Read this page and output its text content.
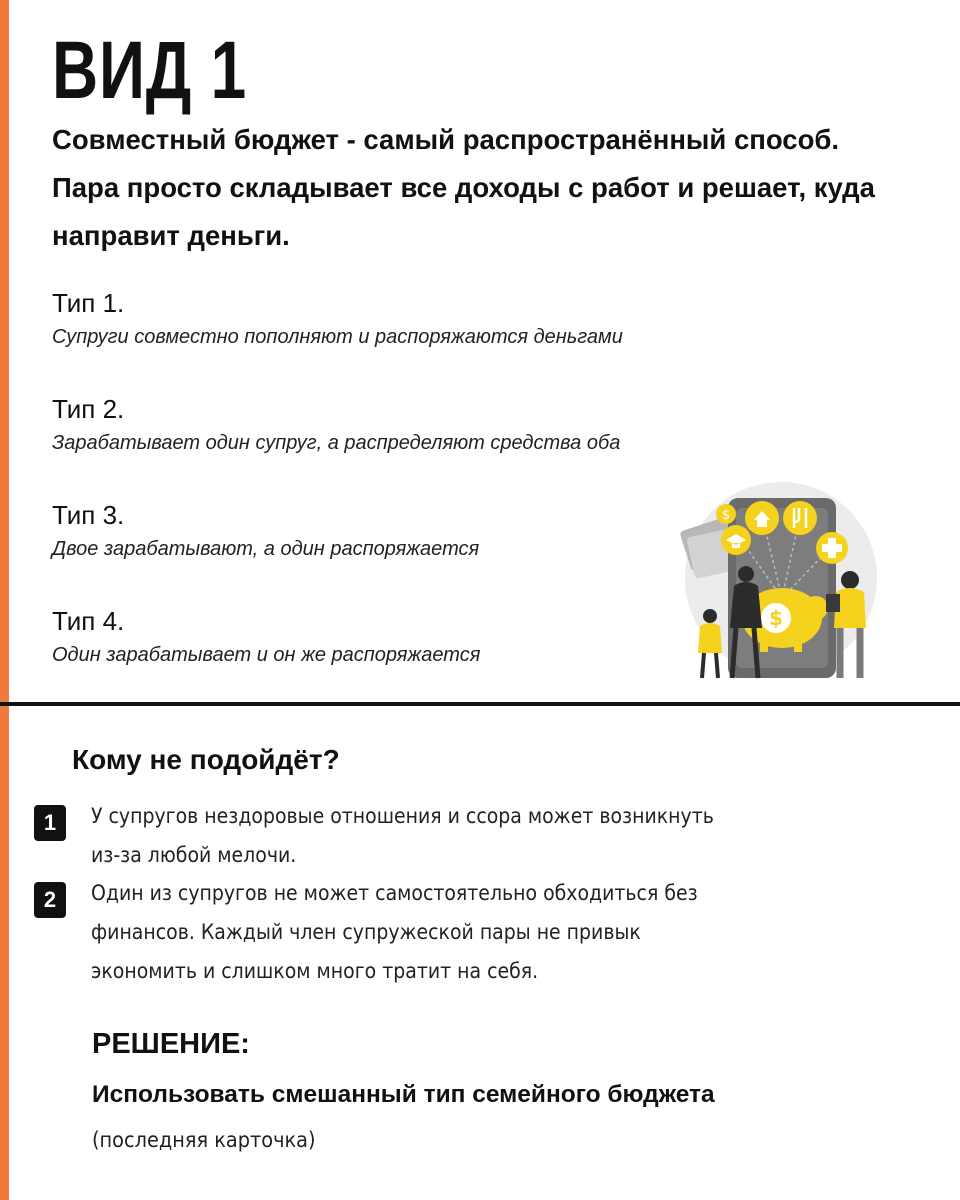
ВИД 1

Совместный бюджет - самый распространённый способ. Пара просто складывает все доходы с работ и решает, куда направит деньги.

Тип 1.
Супруги совместно пополняют и распоряжаются деньгами
Тип 2.
Зарабатывает один супруг, а распределяют средства оба
Тип 3.
Двое зарабатывают, а один распоряжается
Тип 4.
Один зарабатывает и он же распоряжается
$
$
Кому не подойдёт?
1	У супругов нездоровые отношения и ссора может возникнуть из-за любой мелочи.

2	Один из супругов не может самостоятельно обходиться без финансов. Каждый член супружеской пары не привык экономить и слишком много тратит на себя.

РЕШЕНИЕ:

Использовать смешанный тип семейного бюджета

(последняя карточка)
